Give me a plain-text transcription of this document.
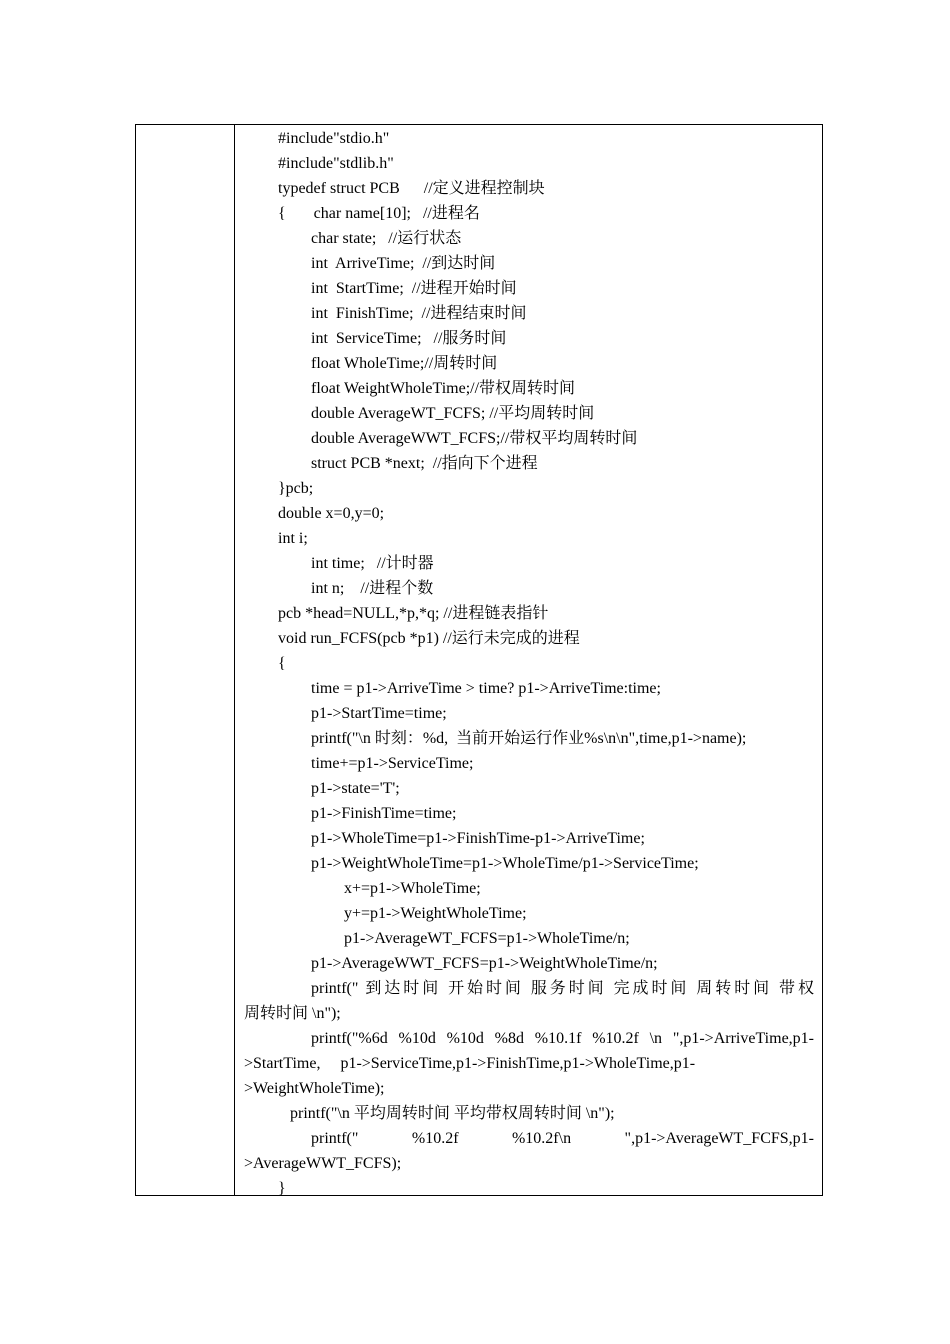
#include"stdio.h"
#include"stdlib.h"
typedef struct PCB      //定义进程控制块
{       char name[10];   //进程名
char state;   //运行状态
int  ArriveTime;  //到达时间
int  StartTime;  //进程开始时间
int  FinishTime;  //进程结束时间
int  ServiceTime;   //服务时间
float WholeTime;//周转时间
float WeightWholeTime;//带权周转时间
double AverageWT_FCFS; //平均周转时间
double AverageWWT_FCFS;//带权平均周转时间
struct PCB *next;  //指向下个进程
}pcb;
double x=0,y=0;
int i;
int time;   //计时器
int n;    //进程个数
pcb *head=NULL,*p,*q; //进程链表指针
void run_FCFS(pcb *p1) //运行未完成的进程
{
time = p1->ArriveTime > time? p1->ArriveTime:time;
p1->StartTime=time;
printf("\n 时刻：%d,  当前开始运行作业%s\n\n",time,p1->name);
time+=p1->ServiceTime;
p1->state='T';
p1->FinishTime=time;
p1->WholeTime=p1->FinishTime-p1->ArriveTime;
p1->WeightWholeTime=p1->WholeTime/p1->ServiceTime;
x+=p1->WholeTime;
y+=p1->WeightWholeTime;
p1->AverageWT_FCFS=p1->WholeTime/n;
p1->AverageWWT_FCFS=p1->WeightWholeTime/n;
printf(" 到达时间 开始时间 服务时间 完成时间 周转时间 带权
周转时间 \n");
printf("%6d %10d %10d %8d %10.1f %10.2f \n ",p1->ArriveTime,p1-
>StartTime,     p1->ServiceTime,p1->FinishTime,p1->WholeTime,p1-
>WeightWholeTime);
printf("\n 平均周转时间 平均带权周转时间 \n");
printf(" %10.2f %10.2f\n ",p1->AverageWT_FCFS,p1-
>AverageWWT_FCFS);
}
